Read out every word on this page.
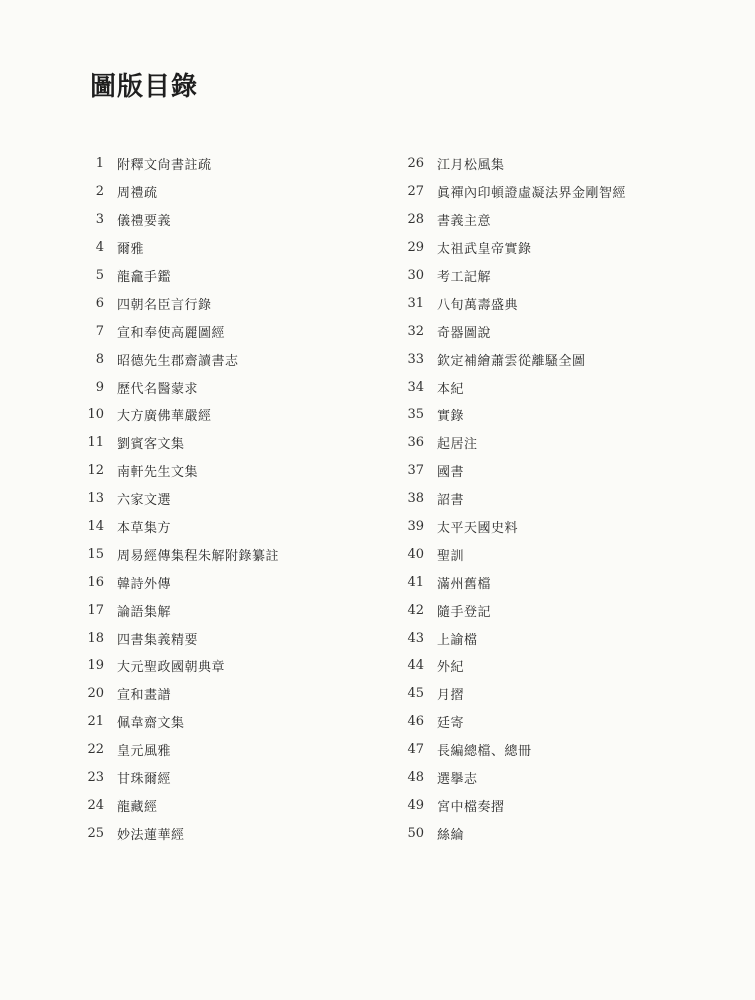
圖版目錄
1 附釋文尙書註疏
2 周禮疏
3 儀禮要義
4 爾雅
5 龍龕手鑑
6 四朝名臣言行錄
7 宣和奉使高麗圖經
8 昭德先生郡齋讀書志
9 歷代名醫蒙求
10 大方廣佛華嚴經
11 劉賓客文集
12 南軒先生文集
13 六家文選
14 本草集方
15 周易經傳集程朱解附錄纂註
16 韓詩外傳
17 論語集解
18 四書集義精要
19 大元聖政國朝典章
20 宣和畫譜
21 佩韋齋文集
22 皇元風雅
23 甘珠爾經
24 龍藏經
25 妙法蓮華經
26 江月松風集
27 眞禪內印頓證虛凝法界金剛智經
28 書義主意
29 太祖武皇帝實錄
30 考工記解
31 八旬萬壽盛典
32 奇器圖說
33 欽定補繪蕭雲從離騷全圖
34 本紀
35 實錄
36 起居注
37 國書
38 詔書
39 太平天國史料
40 聖訓
41 滿州舊檔
42 隨手登記
43 上諭檔
44 外紀
45 月摺
46 廷寄
47 長編總檔、總冊
48 選擧志
49 宮中檔奏摺
50 絲綸
